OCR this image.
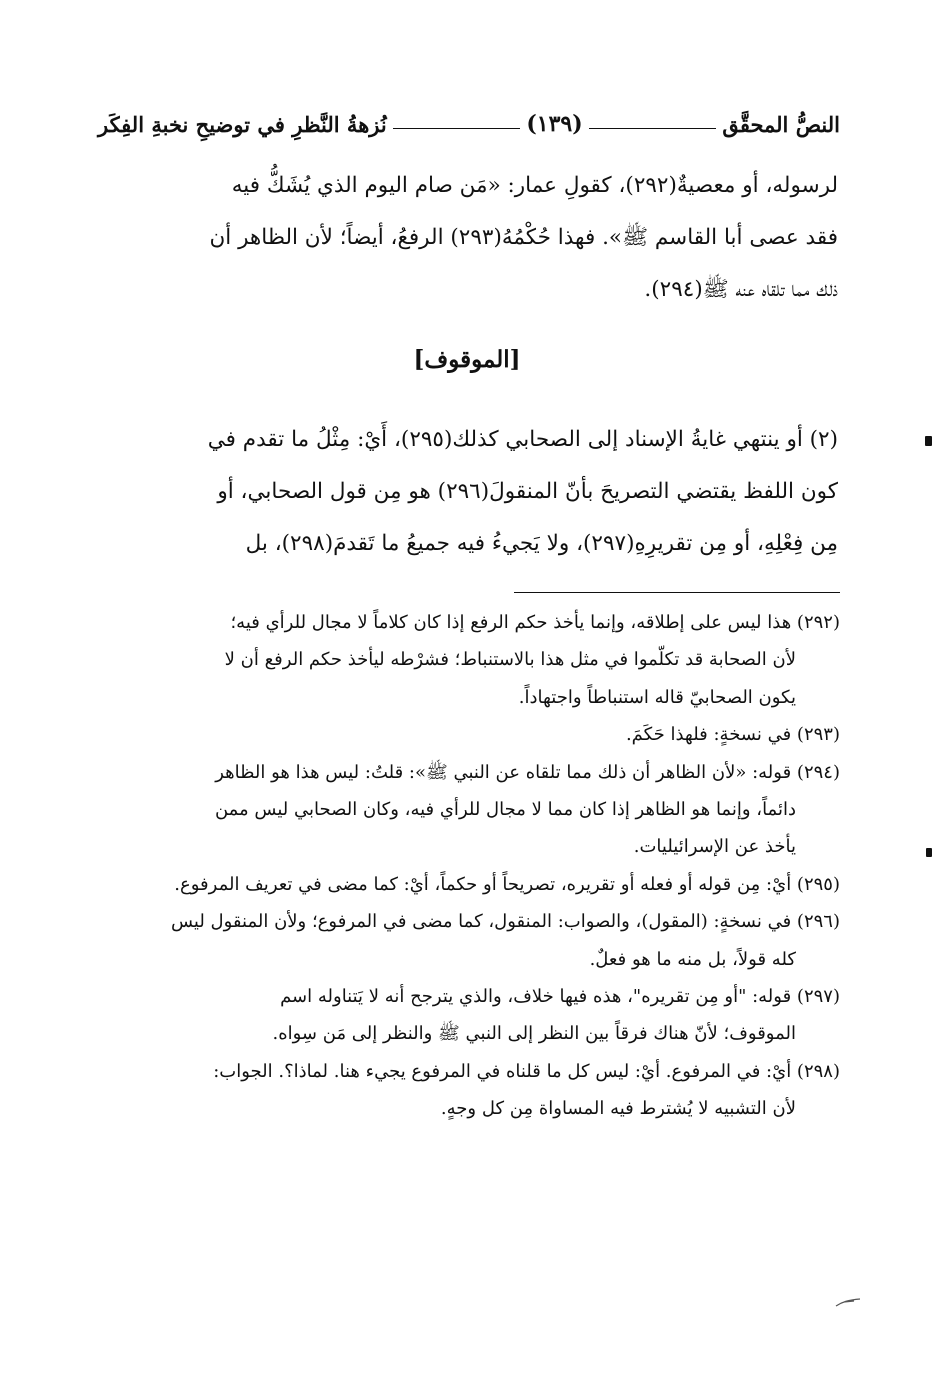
النصُّ المحقَّق
(١٣٩)
نُزهةُ النَّظرِ في توضيحِ نخبةِ الفِكَر
لرسوله، أو معصيةٌ(٢٩٢)، كقولِ عمار: «مَن صام اليوم الذي يُشَكُّ فيه
فقد عصى أبا القاسم ﷺ». فهذا حُكْمُهُ(٢٩٣) الرفعُ، أيضاً؛ لأن الظاهر أن
ذلك مما تلقاه عنه ﷺ(٢٩٤).
[الموقوف]
(٢) أو ينتهي غايةُ الإسناد إلى الصحابي كذلك(٢٩٥)، أَيْ: مِثْلُ ما تقدم في
كون اللفظ يقتضي التصريحَ بأنّ المنقولَ(٢٩٦) هو مِن قول الصحابي، أو
مِن فِعْلِهِ، أو مِن تقريرِهِ(٢٩٧)، ولا يَجيءُ فيه جميعُ ما تَقدمَ(٢٩٨)، بل
(٢٩٢) هذا ليس على إطلاقه، وإنما يأخذ حكم الرفع إذا كان كلاماً لا مجال للرأي فيه؛
لأن الصحابة قد تكلّموا في مثل هذا بالاستنباط؛ فشرْطه ليأخذ حكم الرفع أن لا
يكون الصحابيّ قاله استنباطاً واجتهاداً.
(٢٩٣) في نسخةٍ: فلهذا حَكَمَ.
(٢٩٤) قوله: «لأن الظاهر أن ذلك مما تلقاه عن النبي ﷺ»: قلتُ: ليس هذا هو الظاهر
دائماً، وإنما هو الظاهر إذا كان مما لا مجال للرأي فيه، وكان الصحابي ليس ممن
يأخذ عن الإسرائيليات.
(٢٩٥) أيْ: مِن قوله أو فعله أو تقريره، تصريحاً أو حكماً، أيْ: كما مضى في تعريف المرفوع.
(٢٩٦) في نسخةٍ: (المقول)، والصواب: المنقول، كما مضى في المرفوع؛ ولأن المنقول ليس
كله قولاً، بل منه ما هو فعلٌ.
(٢٩٧) قوله: "أو مِن تقريره"، هذه فيها خلاف، والذي يترجح أنه لا يَتناوله اسم
الموقوف؛ لأنّ هناك فرقاً بين النظر إلى النبي ﷺ والنظر إلى مَن سِواه.
(٢٩٨) أيْ: في المرفوع. أيْ: ليس كل ما قلناه في المرفوع يجيء هنا. لماذا؟. الجواب:
لأن التشبيه لا يُشترط فيه المساواة مِن كل وجهٍ.
